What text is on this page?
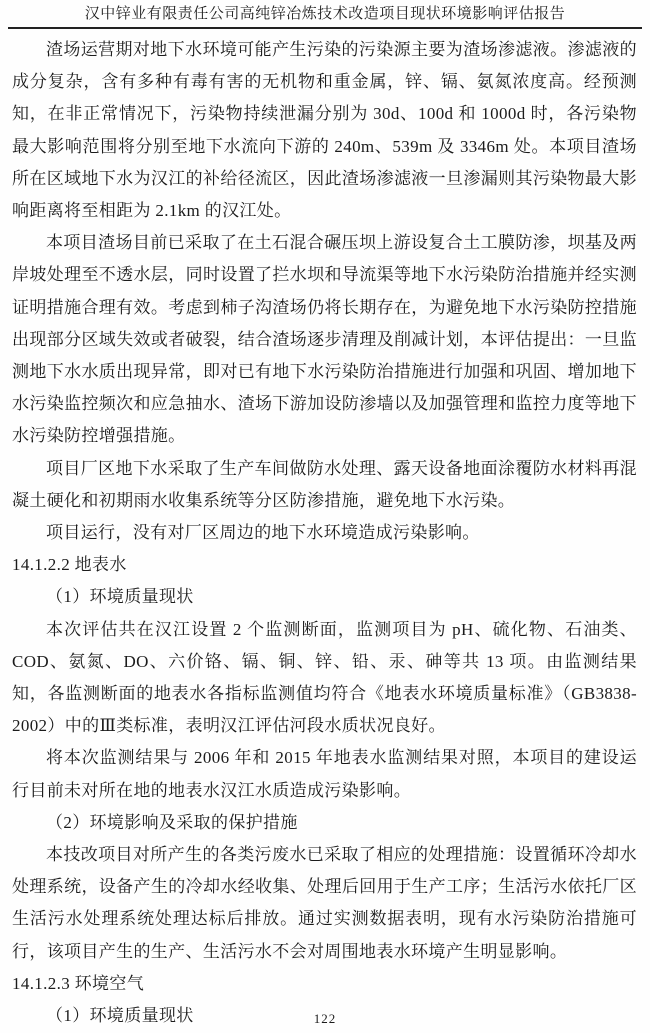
汉中锌业有限责任公司高纯锌冶炼技术改造项目现状环境影响评估报告

渣场运营期对地下水环境可能产生污染的污染源主要为渣场渗滤液。渗滤液的成分复杂，含有多种有毒有害的无机物和重金属，锌、镉、氨氮浓度高。经预测知，在非正常情况下，污染物持续泄漏分别为 30d、100d 和 1000d 时，各污染物最大影响范围将分别至地下水流向下游的 240m、539m 及 3346m 处。本项目渣场所在区域地下水为汉江的补给径流区，因此渣场渗滤液一旦渗漏则其污染物最大影响距离将至相距为 2.1km 的汉江处。

本项目渣场目前已采取了在土石混合碾压坝上游设复合土工膜防渗，坝基及两岸坡处理至不透水层，同时设置了拦水坝和导流渠等地下水污染防治措施并经实测证明措施合理有效。考虑到柿子沟渣场仍将长期存在，为避免地下水污染防控措施出现部分区域失效或者破裂，结合渣场逐步清理及削减计划，本评估提出：一旦监测地下水水质出现异常，即对已有地下水污染防治措施进行加强和巩固、增加地下水污染监控频次和应急抽水、渣场下游加设防渗墙以及加强管理和监控力度等地下水污染防控增强措施。

项目厂区地下水采取了生产车间做防水处理、露天设备地面涂覆防水材料再混凝土硬化和初期雨水收集系统等分区防渗措施，避免地下水污染。

项目运行，没有对厂区周边的地下水环境造成污染影响。

14.1.2.2 地表水

（1）环境质量现状

本次评估共在汉江设置 2 个监测断面，监测项目为 pH、硫化物、石油类、COD、氨氮、DO、六价铬、镉、铜、锌、铅、汞、砷等共 13 项。由监测结果知，各监测断面的地表水各指标监测值均符合《地表水环境质量标准》（GB3838-2002）中的Ⅲ类标准，表明汉江评估河段水质状况良好。

将本次监测结果与 2006 年和 2015 年地表水监测结果对照，本项目的建设运行目前未对所在地的地表水汉江水质造成污染影响。

（2）环境影响及采取的保护措施

本技改项目对所产生的各类污废水已采取了相应的处理措施：设置循环冷却水处理系统，设备产生的冷却水经收集、处理后回用于生产工序；生活污水依托厂区生活污水处理系统处理达标后排放。通过实测数据表明，现有水污染防治措施可行，该项目产生的生产、生活污水不会对周围地表水环境产生明显影响。

14.1.2.3 环境空气

（1）环境质量现状	122
